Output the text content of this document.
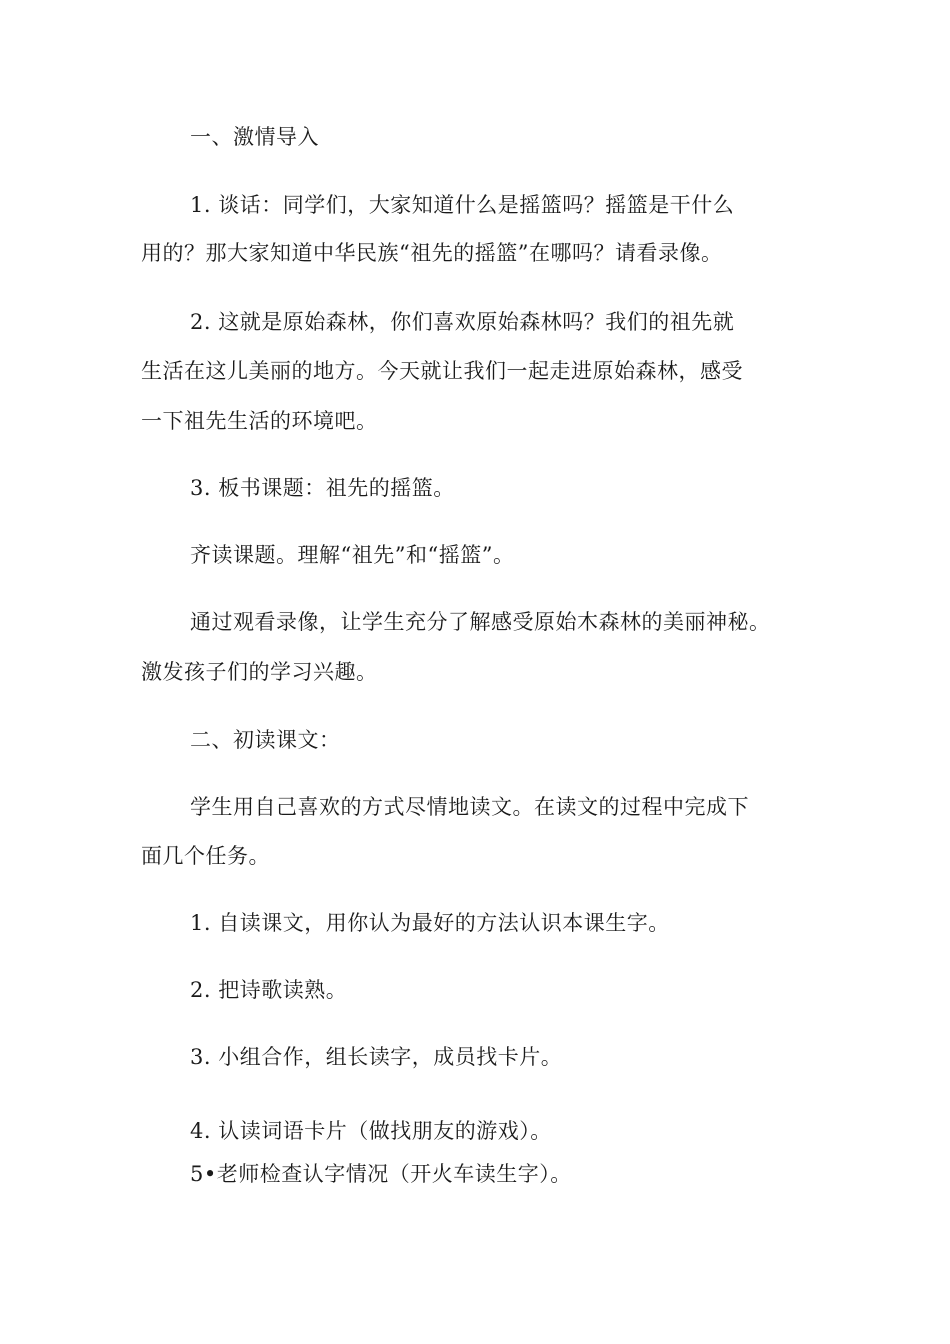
一、激情导入
1. 谈话：同学们，大家知道什么是摇篮吗？摇篮是干什么
用的？那大家知道中华民族“祖先的摇篮”在哪吗？请看录像。
2. 这就是原始森林，你们喜欢原始森林吗？我们的祖先就
生活在这儿美丽的地方。今天就让我们一起走进原始森林，感受
一下祖先生活的环境吧。
3. 板书课题：祖先的摇篮。
齐读课题。理解“祖先”和“摇篮”。
通过观看录像，让学生充分了解感受原始木森林的美丽神秘。
激发孩子们的学习兴趣。
二、初读课文：
学生用自己喜欢的方式尽情地读文。在读文的过程中完成下
面几个任务。
1. 自读课文，用你认为最好的方法认识本课生字。
2. 把诗歌读熟。
3. 小组合作，组长读字，成员找卡片。
4. 认读词语卡片（做找朋友的游戏）。
5•老师检查认字情况（开火车读生字）。
